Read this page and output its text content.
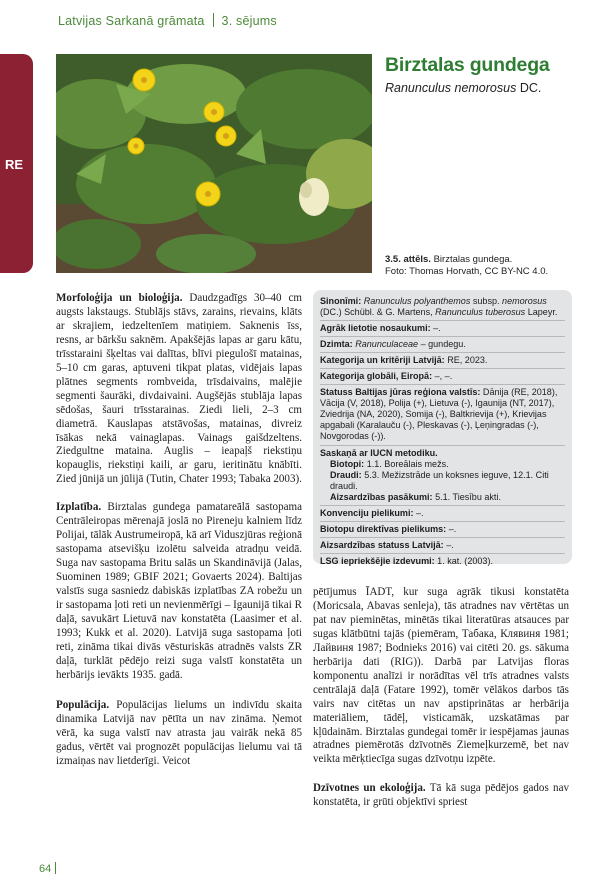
Latvijas Sarkanā grāmata 3. sējums
RE
Birztalas gundega
Ranunculus nemorosus DC.
3.5. attēls. Birztalas gundega.
Foto: Thomas Horvath, CC BY-NC 4.0.

Morfoloģija un bioloģija. Daudzgadīgs 30–40 cm augsts lakstaugs. Stublājs stāvs, zarains, rievains, klāts ar skrajiem, iedzeltenīem matiņiem. Saknenis īss, resns, ar bārkšu saknēm. Apakšējās lapas ar garu kātu, trīsstaraini šķeltas vai dalītas, blīvi piegulošī matainas, 5–10 cm garas, aptuveni tikpat platas, vidējais lapas plātnes segments rombveida, trīsdaivains, malējie segmenti šaurāki, divdaivaini. Augšējās stublāja lapas sēdošas, šauri trīsstarainas. Ziedi lieli, 2–3 cm diametrā. Kauslapas atstāvošas, matainas, divreiz īsākas nekā vainaglapas. Vainags gaišdzeltens. Ziedgultne mataina. Auglis – ieapaļš riekstiņu kopauglis, riekstiņi kaili, ar garu, ieritinātu knābīti. Zied jūnijā un jūlijā (Tutin, Chater 1993; Tabaka 2003).

Izplatība. Birztalas gundega pamatareālā sastopama Centrāleiropas mērenajā joslā no Pireneju kalniem līdz Polijai, tālāk Austrumeiropā, kā arī Viduszjūras reģionā sastopama atsevišķu izolētu salveida atradņu veidā. Suga nav sastopama Britu salās un Skandināvijā (Jalas, Suominen 1989; GBIF 2021; Govaerts 2024). Baltijas valstīs suga sasniedz dabiskās izplatības ZA robežu un ir sastopama ļoti reti un nevienmērīgi – Igaunijā tikai R daļā, savukārt Lietuvā nav konstatēta (Laasimer et al. 1993; Kukk et al. 2020). Latvijā suga sastopama ļoti reti, zināma tikai divās vēsturiskās atradnēs valsts ZR daļā, turklāt pēdējo reizi suga valstī konstatēta un herbārijs ievākts 1935. gadā.

Populācija. Populācijas lielums un indivīdu skaita dinamika Latvijā nav pētīta un nav zināma. Ņemot vērā, ka suga valstī nav atrasta jau vairāk nekā 85 gadus, vērtēt vai prognozēt populācijas lielumu vai tā izmaiņas nav lietderīgi. Veicot

Sinonīmi: Ranunculus polyanthemos subsp. nemorosus (DC.) Schübl. & G. Martens, Ranunculus tuberosus Lapeyr.
Agrāk lietotie nosaukumi: –.
Dzimta: Ranunculaceae – gundegu.
Kategorija un kritēriji Latvijā: RE, 2023.
Kategorija globāli, Eiropā: –, –.
Statuss Baltijas jūras reģiona valstīs: Dānija (RE, 2018), Vācija (V, 2018), Polija (+), Lietuva (-), Igaunija (NT, 2017), Zviedrija (NA, 2020), Somija (-), Baltkrievija (+), Krievijas apgabali (Karalauču (-), Pleskavas (-), Ļeņingradas (-), Novgorodas (-)).
Saskaņā ar IUCN metodiku.
Biotopi: 1.1. Boreālais mežs.
Draudi: 5.3. Mežizstrāde un koksnes ieguve, 12.1. Citi draudi.
Aizsardzības pasākumi: 5.1. Tiesību akti.
Konvenciju pielikumi: –.
Biotopu direktīvas pielikums: –.
Aizsardzības statuss Latvijā: –.
LSG iepriekšējie izdevumi: 1. kat. (2003).

pētījumus ĪADT, kur suga agrāk tikusi konstatēta (Moricsala, Abavas senleja), tās atradnes nav vērtētas un pat nav pieminētas, minētās tikai literatūras atsauces par sugas klātbūtni tajās (piemēram, Табака, Клявиня 1981; Лайвиня 1987; Bodnieks 2016) vai citēti 20. gs. sākuma herbārija dati (RIG)). Darbā par Latvijas floras komponentu analīzi ir norādītas vēl trīs atradnes valsts centrālajā daļā (Fatare 1992), tomēr vēlākos darbos tās vairs nav citētas un nav apstiprinātas ar herbārija materiāliem, tādēļ, visticamāk, uzskatāmas par kļūdainām. Birztalas gundegai tomēr ir iespējamas jaunas atradnes piemērotās dzīvotnēs Ziemeļkurzemē, bet nav veikta mērķtiecīga sugas dzīvotņu izpēte.

Dzīvotnes un ekoloģija. Tā kā suga pēdējos gados nav konstatēta, ir grūti objektīvi spriest

64
